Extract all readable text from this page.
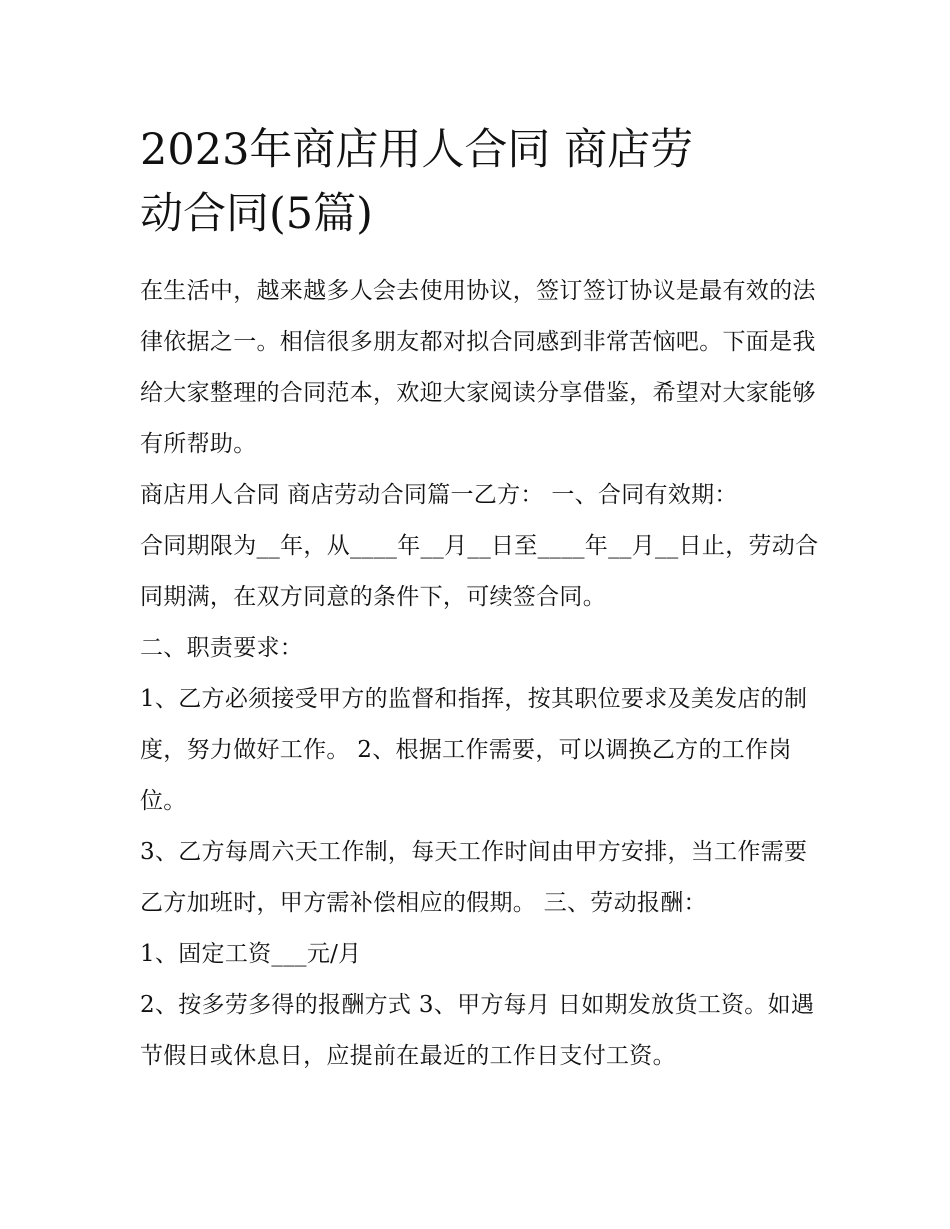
2023年商店用人合同 商店劳
动合同(5篇)

在生活中，越来越多人会去使用协议，签订签订协议是最有效的法律依据之一。相信很多朋友都对拟合同感到非常苦恼吧。下面是我给大家整理的合同范本，欢迎大家阅读分享借鉴，希望对大家能够有所帮助。

商店用人合同 商店劳动合同篇一乙方： 一、合同有效期：

合同期限为__年，从____年__月__日至____年__月__日止，劳动合同期满，在双方同意的条件下，可续签合同。

二、职责要求：

1、乙方必须接受甲方的监督和指挥，按其职位要求及美发店的制度，努力做好工作。 2、根据工作需要，可以调换乙方的工作岗位。

3、乙方每周六天工作制，每天工作时间由甲方安排，当工作需要乙方加班时，甲方需补偿相应的假期。 三、劳动报酬：

1、固定工资___元/月

2、按多劳多得的报酬方式 3、甲方每月 日如期发放货工资。如遇节假日或休息日，应提前在最近的工作日支付工资。
